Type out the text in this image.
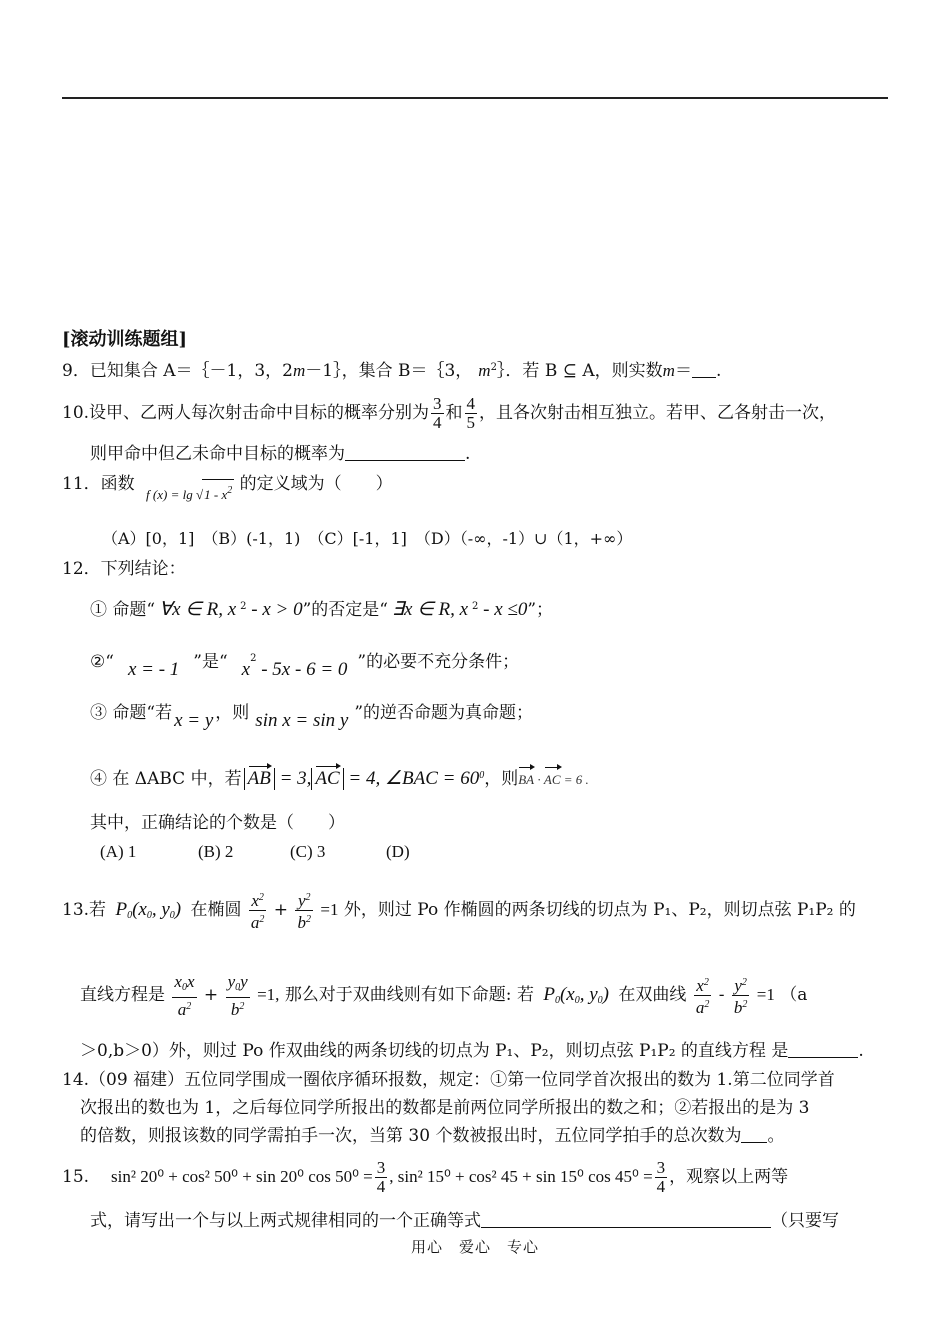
[滚动训练题组]
9．已知集合 A＝｛－1，3，2m－1｝，集合 B＝｛3， $m^2\}$．若 B ⊆ A，则实数m＝ .
10.设甲、乙两人每次射击命中目标的概率分别为 $\frac{3}{4}$ 和 $\frac{4}{5}$ ，且各次射击相互独立。若甲、乙各射击一次，
则甲命中但乙未命中目标的概率为	.
11．函数 $_{f (x) = lg √1 - x^2}$ 的定义域为（　　）
（A）[0，1]　（B）(-1，1)　（C）[-1，1]　（D）（-∞，-1）∪（1，+∞）
12．下列结论：
① 命题“ ∀x ∈ R, x $^2$ - x > 0”的否定是“ ∃x ∈ R, x $^2$ - x ≤0”；
②“ x = - 1 ”是“ $x^2 - 5x - 6 = 0$ ”的必要不充分条件；
③ 命题“若 x = y ，则 sin x = sin y ”的逆否命题为真命题；
④ 在 ΔABC 中，若 AB = 3, AC = 4, ∠BAC = $60^0$，则BA · AC = 6 .
其中，正确结论的个数是（　　）
(A) 1	(B) 2	(C) 3	(D)
13.若 $P_0(x_0$, $y_0$) 在椭圆 $\frac{x^2}{a^2} + \frac{y^2}{b^2} =1$ 外，则过 Po 作椭圆的两条切线的切点为 P₁、P₂，则切点弦 P₁P₂ 的
直线方程是 $\frac{x_0x}{a^2} + \frac{y_0y}{b^2} =1$, 那么对于双曲线则有如下命题: 若 $P_0(x_0$, $y_0$) 在双曲线 $\frac{x^2}{a^2} - \frac{y^2}{b^2} =1$ （a
＞0,b＞0）外，则过 Po 作双曲线的两条切线的切点为 P₁、P₂，则切点弦 P₁P₂ 的直线方程 是	.
14.（09 福建）五位同学围成一圈依序循环报数，规定：①第一位同学首次报出的数为 1.第二位同学首
次报出的数也为 1，之后每位同学所报出的数都是前两位同学所报出的数之和；②若报出的是为 3
的倍数，则报该数的同学需拍手一次，当第 30 个数被报出时，五位同学拍手的总次数为 。
15. sin² 20⁰ + cos² 50⁰ + sin 20⁰ $\cos 50^0 = \frac{3}{4}$ , sin² 15⁰ + cos² 45 + sin 15⁰ $\cos 45^0 = \frac{3}{4}$ ，观察以上两等
式，请写出一个与以上两式规律相同的一个正确等式	（只要写
用心　爱心　专心
